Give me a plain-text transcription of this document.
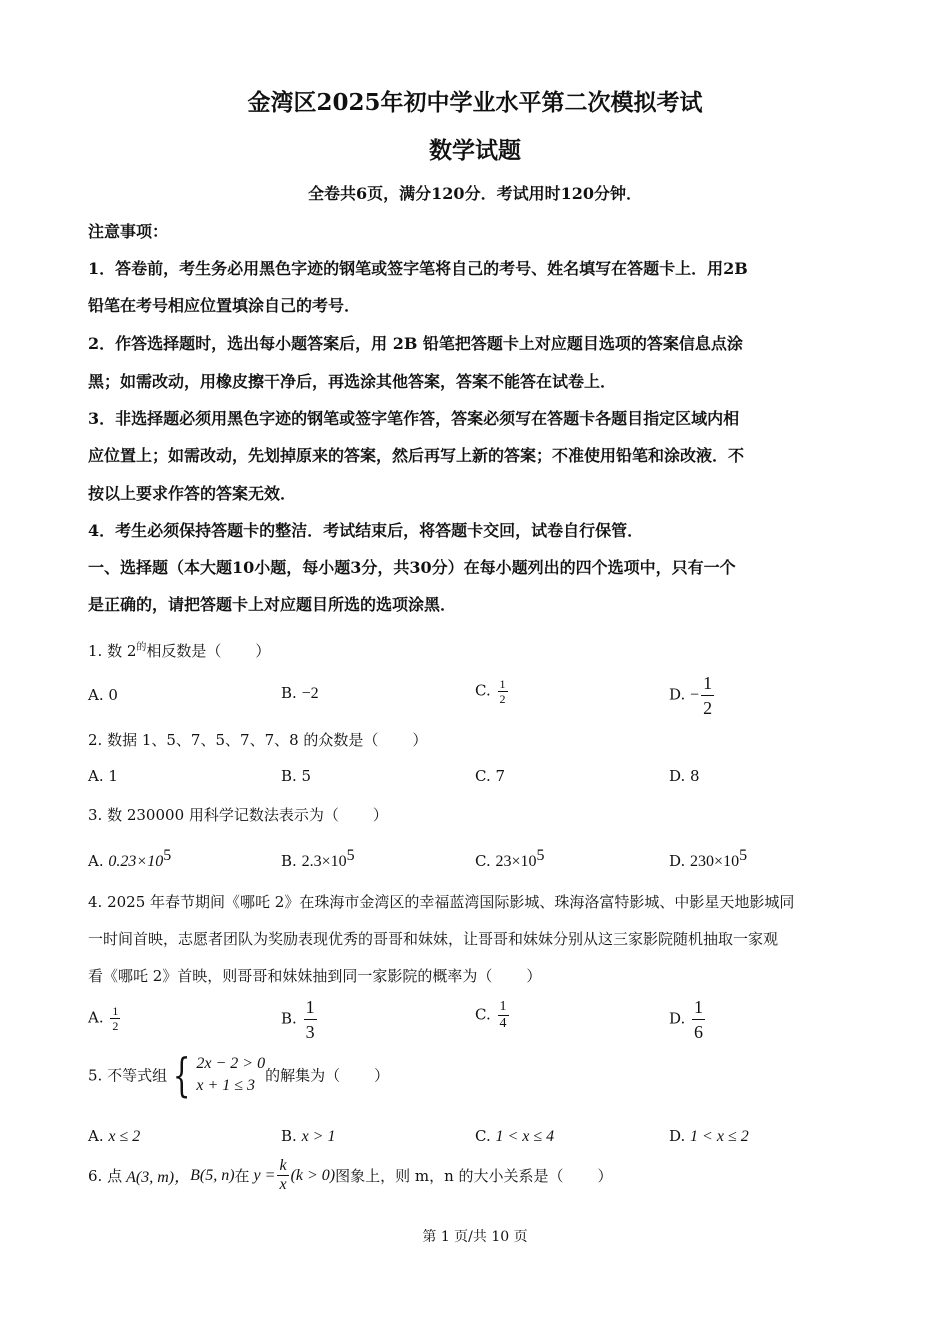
金湾区2025年初中学业水平第二次模拟考试
数学试题
全卷共6页，满分120分．考试用时120分钟．
注意事项：
1．答卷前，考生务必用黑色字迹的钢笔或签字笔将自己的考号、姓名填写在答题卡上．用2B
铅笔在考号相应位置填涂自己的考号．
2．作答选择题时，选出每小题答案后，用 2B 铅笔把答题卡上对应题目选项的答案信息点涂
黑；如需改动，用橡皮擦干净后，再选涂其他答案，答案不能答在试卷上．
3．非选择题必须用黑色字迹的钢笔或签字笔作答，答案必须写在答题卡各题目指定区域内相
应位置上；如需改动，先划掉原来的答案，然后再写上新的答案；不准使用铅笔和涂改液．不
按以上要求作答的答案无效．
4．考生必须保持答题卡的整洁．考试结束后，将答题卡交回，试卷自行保管．
一、选择题（本大题10小题，每小题3分，共30分）在每小题列出的四个选项中，只有一个
是正确的，请把答题卡上对应题目所选的选项涂黑．
1. 数 $2^的$相反数是（ ）
A. 0	B. −2	C. $\frac{1}{2}$	D. − $\frac{1}{2}$
2. 数据 1、5、7、5、7、7、8 的众数是（ ）
A. 1	B. 5	C. 7	D. 8
3. 数 230000 用科学记数法表示为（ ）
A. $0.23\times 10^5$	B. $2.3\times 10^5$	C. $23\times 10^5$	D. $230\times 10^5$
4. 2025 年春节期间《哪吒 2》在珠海市金湾区的幸福蓝湾国际影城、珠海洛富特影城、中影星天地影城同
一时间首映，志愿者团队为奖励表现优秀的哥哥和妹妹，让哥哥和妹妹分别从这三家影院随机抽取一家观
看《哪吒 2》首映，则哥哥和妹妹抽到同一家影院的概率为（ ）
A. $\frac{1}{2}$	B. $\frac{1}{3}$	C. $\frac{1}{4}$	D. $\frac{1}{6}$
5. 不等式组 { 2x − 2 > 0
x + 1 ≤ 3
的解集为（ ）
A. x ≤ 2	B. x > 1	C. 1 < x ≤ 4	D. 1 < x ≤ 2
6. 点 A(3, m)， B(5, n) 在 $y = \frac{k}{x} (k > 0)$ 图象上，则 m，n 的大小关系是（ ）
第 1 页/共 10 页
